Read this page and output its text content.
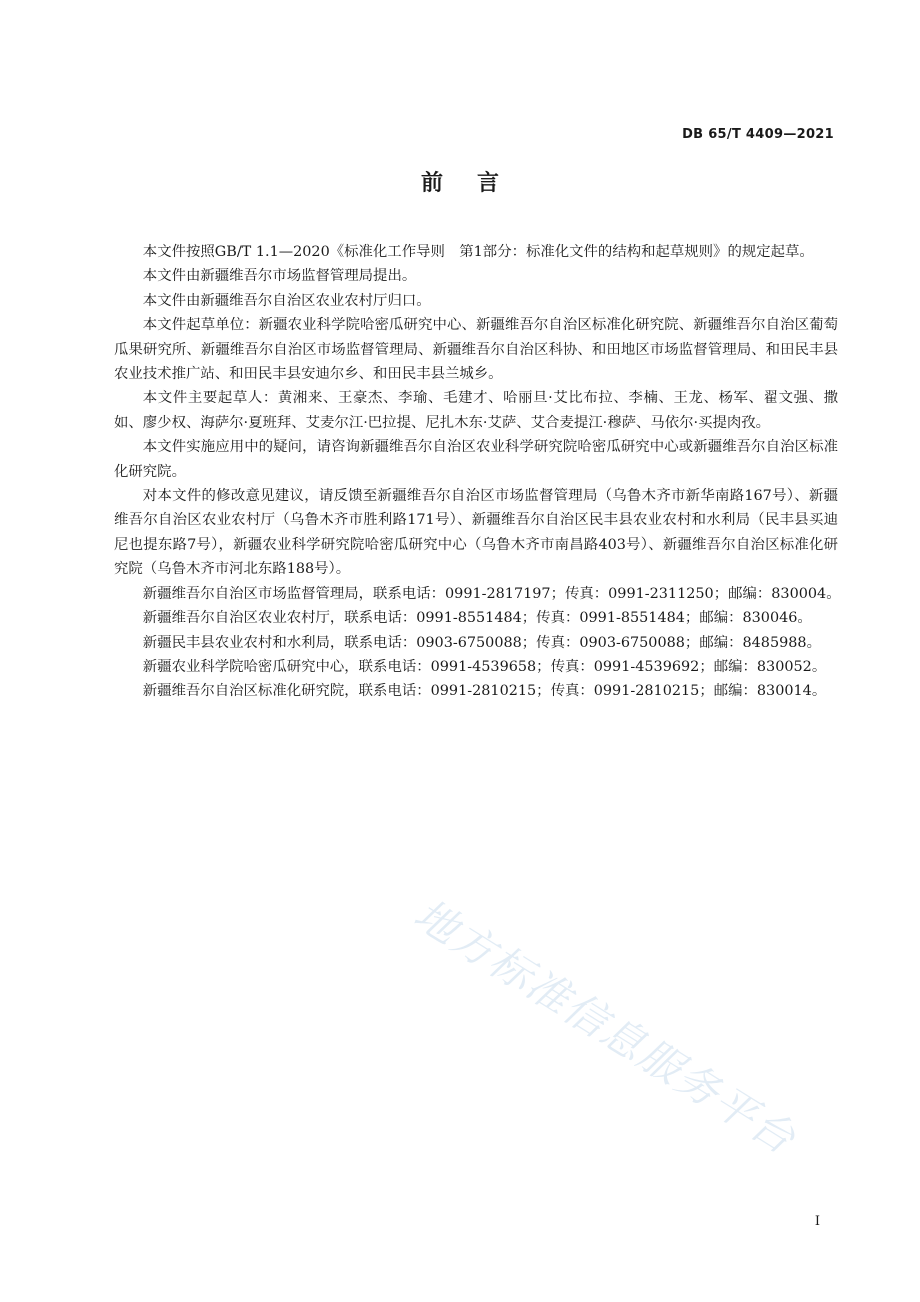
DB 65/T 4409—2021
前言

本文件按照GB/T 1.1—2020《标准化工作导则　第1部分：标准化文件的结构和起草规则》的规定起草。

本文件由新疆维吾尔市场监督管理局提出。

本文件由新疆维吾尔自治区农业农村厅归口。

本文件起草单位：新疆农业科学院哈密瓜研究中心、新疆维吾尔自治区标准化研究院、新疆维吾尔自治区葡萄瓜果研究所、新疆维吾尔自治区市场监督管理局、新疆维吾尔自治区科协、和田地区市场监督管理局、和田民丰县农业技术推广站、和田民丰县安迪尔乡、和田民丰县兰城乡。

本文件主要起草人：黄湘来、王豪杰、李瑜、毛建才、哈丽旦·艾比布拉、李楠、王龙、杨军、翟文强、撒如、廖少权、海萨尔·夏班拜、艾麦尔江·巴拉提、尼扎木东·艾萨、艾合麦提江·穆萨、马依尔·买提肉孜。

本文件实施应用中的疑问，请咨询新疆维吾尔自治区农业科学研究院哈密瓜研究中心或新疆维吾尔自治区标准化研究院。

对本文件的修改意见建议，请反馈至新疆维吾尔自治区市场监督管理局（乌鲁木齐市新华南路167号）、新疆维吾尔自治区农业农村厅（乌鲁木齐市胜利路171号）、新疆维吾尔自治区民丰县农业农村和水利局（民丰县买迪尼也提东路7号），新疆农业科学研究院哈密瓜研究中心（乌鲁木齐市南昌路403号）、新疆维吾尔自治区标准化研究院（乌鲁木齐市河北东路188号）。

新疆维吾尔自治区市场监督管理局，联系电话：0991-2817197；传真：0991-2311250；邮编：830004。

新疆维吾尔自治区农业农村厅，联系电话：0991-8551484；传真：0991-8551484；邮编：830046。

新疆民丰县农业农村和水利局，联系电话：0903-6750088；传真：0903-6750088；邮编：8485988。

新疆农业科学院哈密瓜研究中心，联系电话：0991-4539658；传真：0991-4539692；邮编：830052。

新疆维吾尔自治区标准化研究院，联系电话：0991-2810215；传真：0991-2810215；邮编：830014。

地方标准信息服务平台
I
